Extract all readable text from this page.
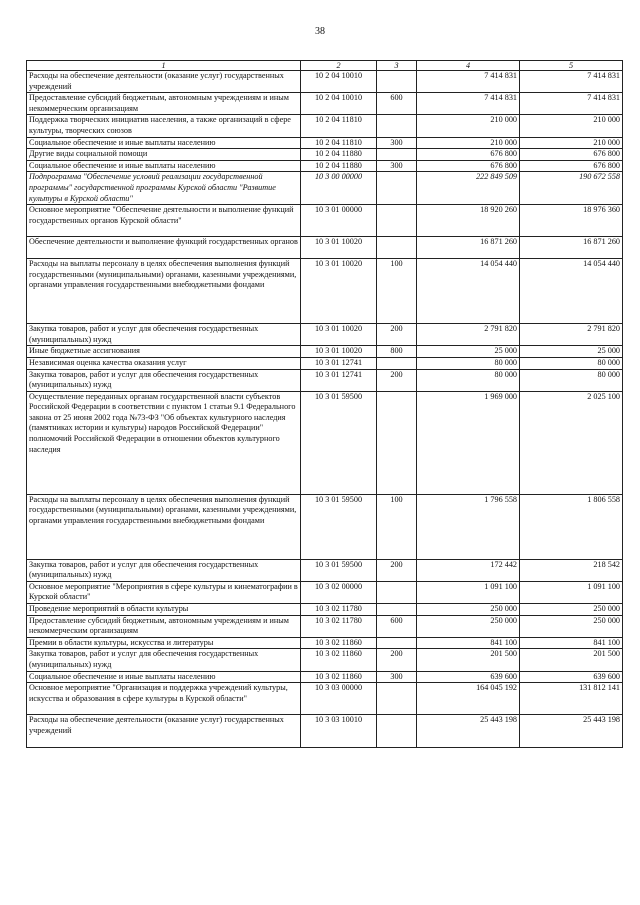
38
1	2	3	4	5
Расходы на обеспечение деятельности (оказание услуг) государственных учреждений	10 2 04 10010		7 414 831	7 414 831
Предоставление субсидий бюджетным, автономным учреждениям и иным некоммерческим организациям	10 2 04 10010	600	7 414 831	7 414 831
Поддержка творческих инициатив населения, а также организаций в сфере культуры, творческих союзов	10 2 04 11810		210 000	210 000
Социальное обеспечение и иные выплаты населению	10 2 04 11810	300	210 000	210 000
Другие виды социальной помощи	10 2 04 11880		676 800	676 800
Социальное обеспечение и иные выплаты населению	10 2 04 11880	300	676 800	676 800
Подпрограмма "Обеспечение условий реализации государственной программы" государственной программы Курской области "Развитие культуры в Курской области"	10 3 00 00000		222 849 509	190 672 558
Основное мероприятие "Обеспечение деятельности и выполнение функций государственных органов Курской области"	10 3 01 00000		18 920 260	18 976 360
Обеспечение деятельности и выполнение функций государственных органов	10 3 01 10020		16 871 260	16 871 260
Расходы на выплаты персоналу в целях обеспечения выполнения функций государственными (муниципальными) органами, казенными учреждениями, органами управления государственными внебюджетными фондами	10 3 01 10020	100	14 054 440	14 054 440
Закупка товаров, работ и услуг для обеспечения государственных (муниципальных) нужд	10 3 01 10020	200	2 791 820	2 791 820
Иные бюджетные ассигнования	10 3 01 10020	800	25 000	25 000
Независимая оценка качества оказания услуг	10 3 01 12741		80 000	80 000
Закупка товаров, работ и услуг для обеспечения государственных (муниципальных) нужд	10 3 01 12741	200	80 000	80 000
Осуществление переданных органам государственной власти субъектов Российской Федерации в соответствии с пунктом 1 статьи 9.1 Федерального закона от 25 июня 2002 года №73-ФЗ "Об объектах культурного наследия (памятниках истории и культуры) народов Российской Федерации" полномочий Российской Федерации в отношении объектов культурного наследия	10 3 01 59500		1 969 000	2 025 100
Расходы на выплаты персоналу в целях обеспечения выполнения функций государственными (муниципальными) органами, казенными учреждениями, органами управления государственными внебюджетными фондами	10 3 01 59500	100	1 796 558	1 806 558
Закупка товаров, работ и услуг для обеспечения государственных (муниципальных) нужд	10 3 01 59500	200	172 442	218 542
Основное мероприятие "Мероприятия в сфере культуры и кинематографии в Курской области"	10 3 02 00000		1 091 100	1 091 100
Проведение мероприятий в области культуры	10 3 02 11780		250 000	250 000
Предоставление субсидий бюджетным, автономным учреждениям и иным некоммерческим организациям	10 3 02 11780	600	250 000	250 000
Премии в области культуры, искусства и литературы	10 3 02 11860		841 100	841 100
Закупка товаров, работ и услуг для обеспечения государственных (муниципальных) нужд	10 3 02 11860	200	201 500	201 500
Социальное обеспечение и иные выплаты населению	10 3 02 11860	300	639 600	639 600
Основное мероприятие "Организация и поддержка учреждений культуры, искусства и образования в сфере культуры в Курской области"	10 3 03 00000		164 045 192	131 812 141
Расходы на обеспечение деятельности (оказание услуг) государственных учреждений	10 3 03 10010		25 443 198	25 443 198
